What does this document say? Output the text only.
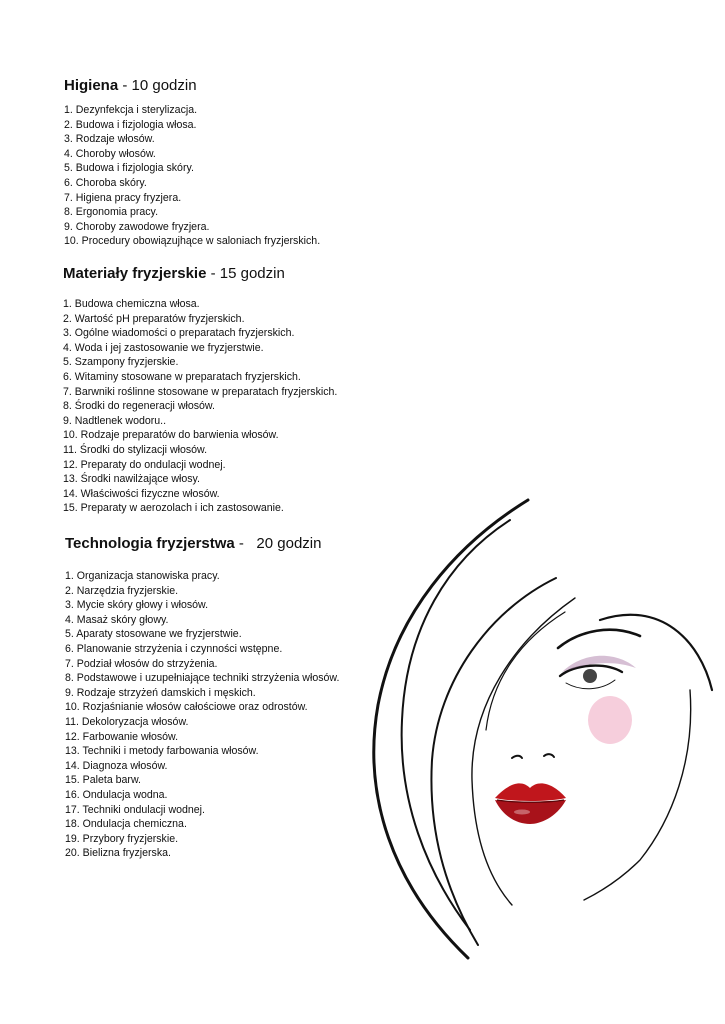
Higiena - 10 godzin
1. Dezynfekcja i sterylizacja.
2. Budowa i fizjologia włosa.
3. Rodzaje włosów.
4. Choroby włosów.
5. Budowa i fizjologia skóry.
6. Choroba skóry.
7. Higiena pracy fryzjera.
8. Ergonomia pracy.
9. Choroby zawodowe fryzjera.
10. Procedury obowiązujhące w saloniach fryzjerskich.
Materiały fryzjerskie - 15 godzin
1. Budowa chemiczna włosa.
2. Wartość pH preparatów fryzjerskich.
3. Ogólne wiadomości o preparatach fryzjerskich.
4. Woda i jej zastosowanie we fryzjerstwie.
5. Szampony fryzjerskie.
6. Witaminy stosowane w preparatach fryzjerskich.
7. Barwniki roślinne stosowane w preparatach fryzjerskich.
8. Środki do regeneracji włosów.
9. Nadtlenek wodoru..
10. Rodzaje preparatów do barwienia włosów.
11. Środki do stylizacji włosów.
12. Preparaty do ondulacji wodnej.
13. Środki nawilżające włosy.
14. Właściwości fizyczne włosów.
15. Preparaty w aerozolach i ich zastosowanie.
Technologia fryzjerstwa -   20 godzin
1. Organizacja stanowiska pracy.
2. Narzędzia fryzjerskie.
3. Mycie skóry głowy i włosów.
4. Masaż skóry głowy.
5. Aparaty stosowane we fryzjerstwie.
6. Planowanie strzyżenia i czynności wstępne.
7. Podział włosów do strzyżenia.
8. Podstawowe i uzupełniające techniki strzyżenia włosów.
9. Rodzaje strzyżeń damskich i męskich.
10. Rozjaśnianie włosów całościowe oraz odrostów.
11. Dekoloryzacja włosów.
12. Farbowanie włosów.
13. Techniki i metody farbowania włosów.
14. Diagnoza włosów.
15. Paleta barw.
16. Ondulacja wodna.
17. Techniki ondulacji wodnej.
18. Ondulacja chemiczna.
19. Przybory fryzjerskie.
20. Bielizna fryzjerska.
